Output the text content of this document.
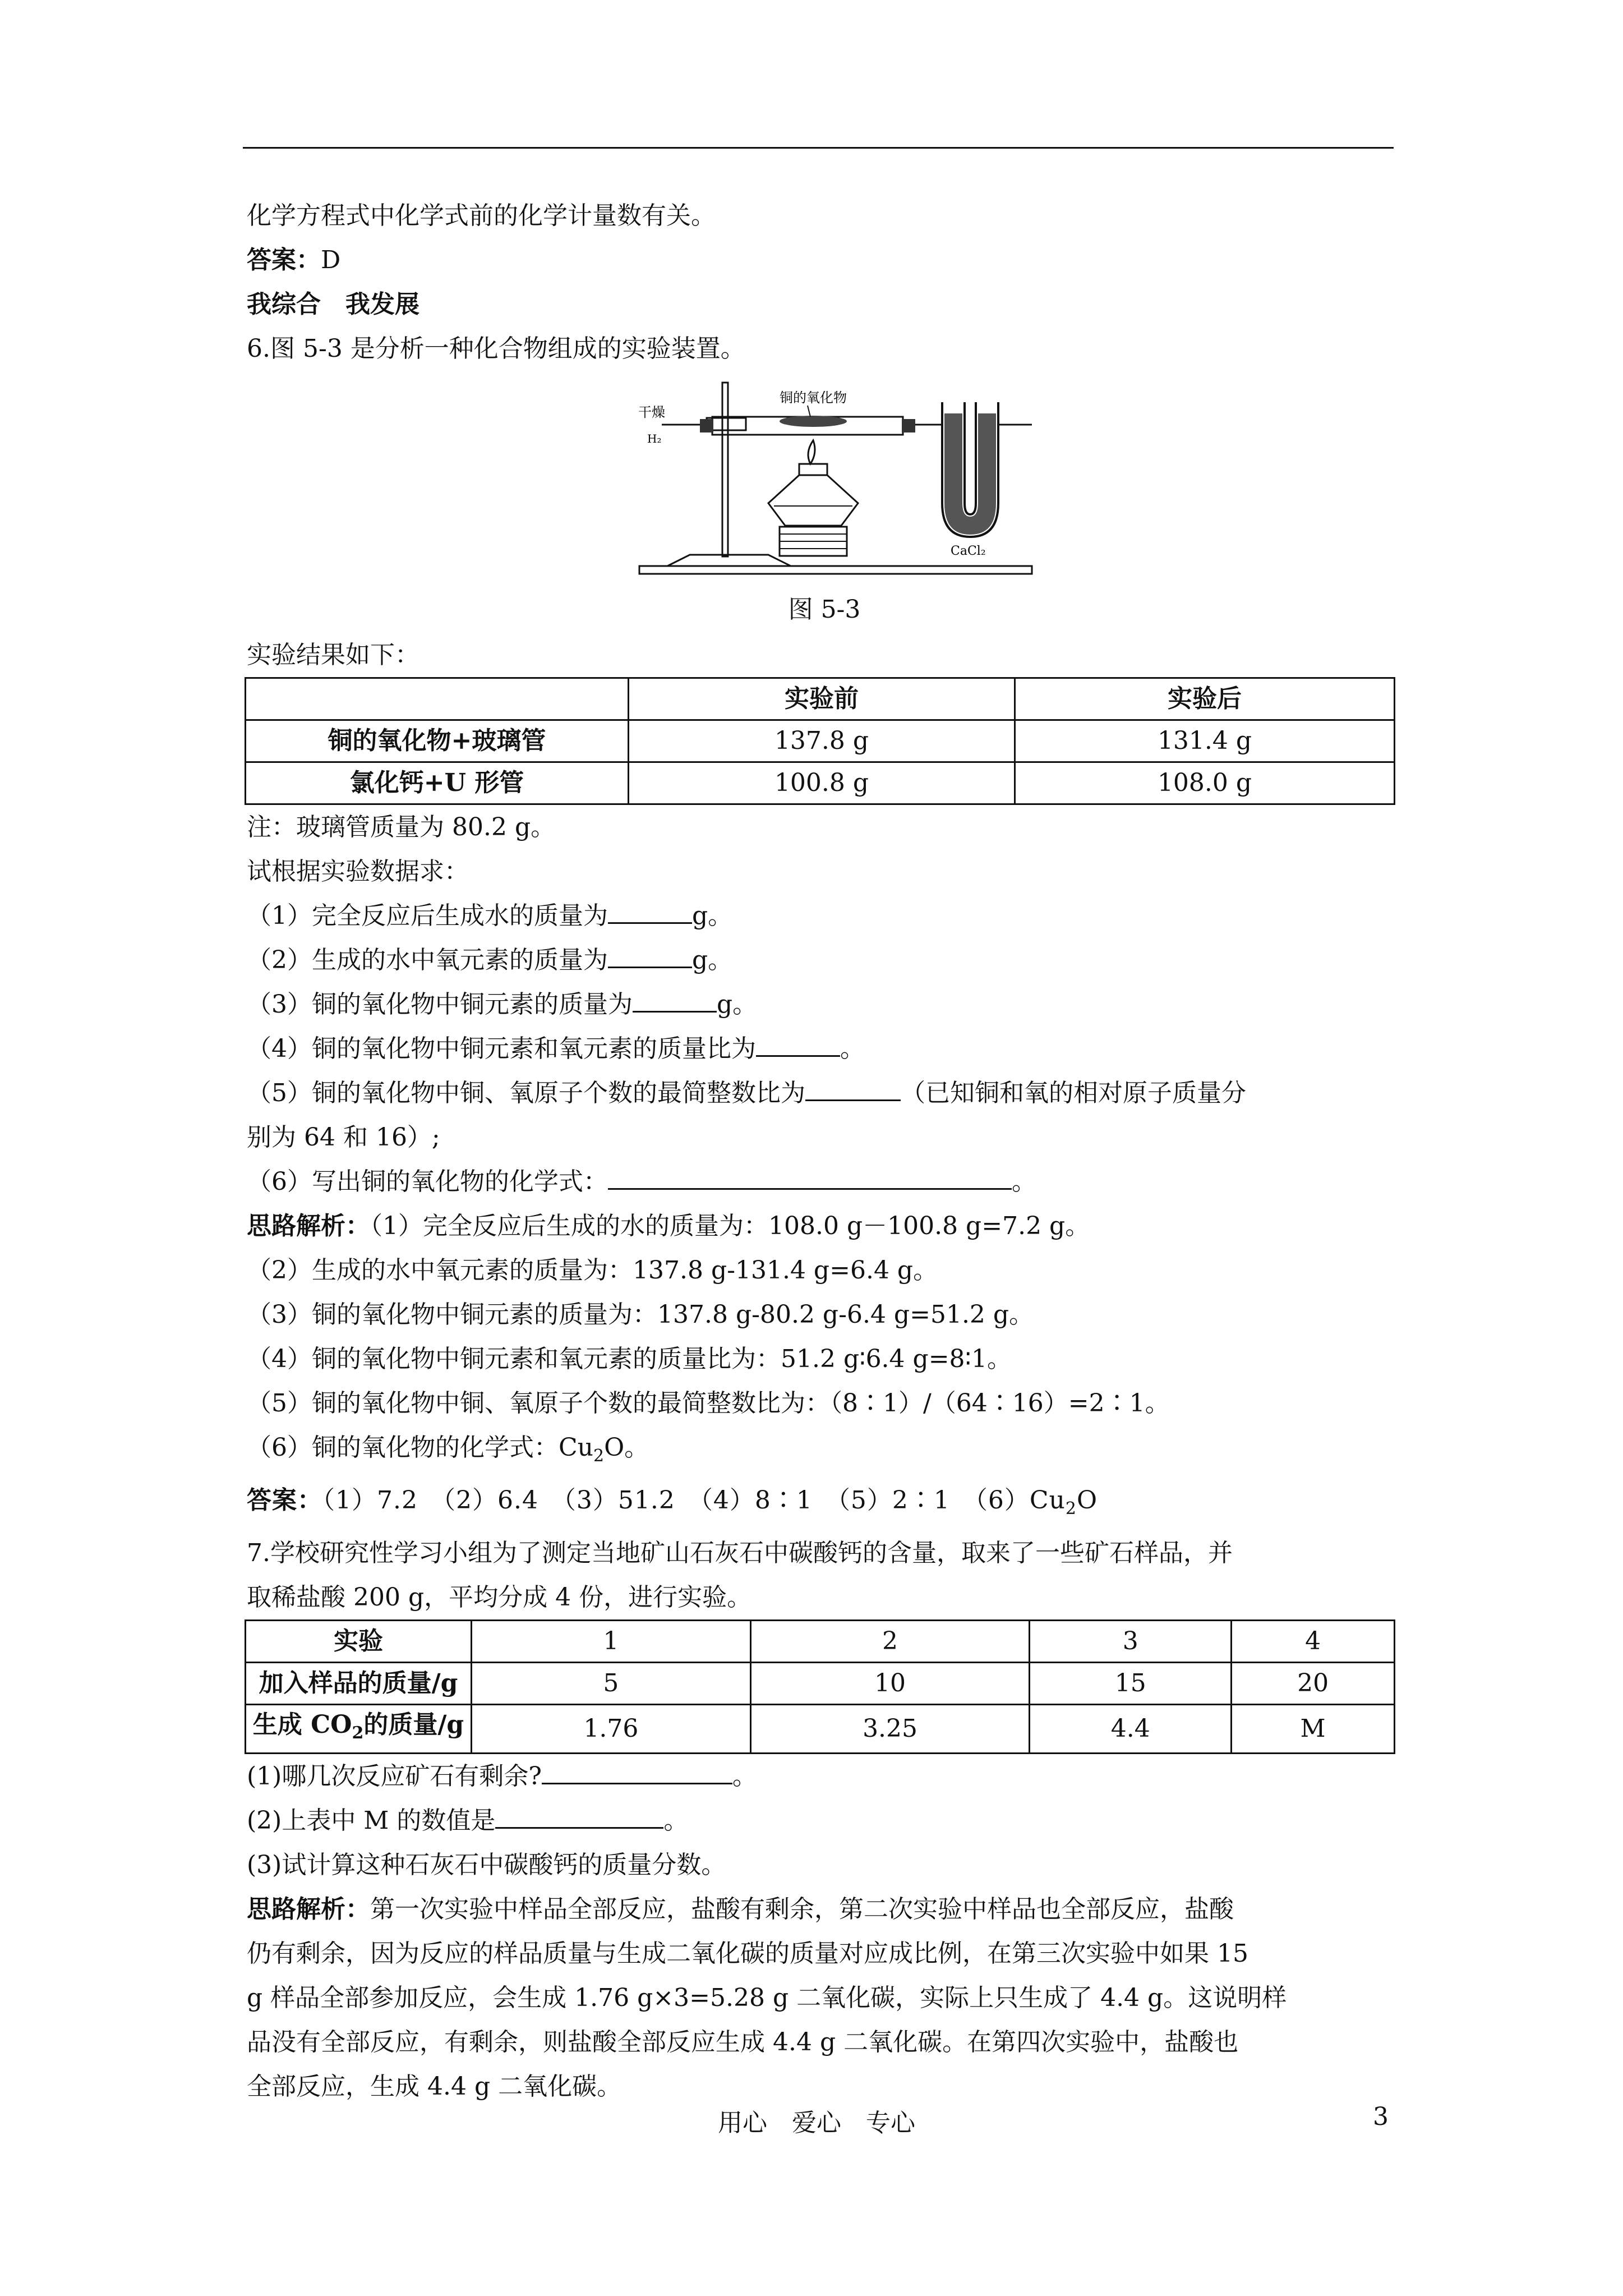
化学方程式中化学式前的化学计量数有关。

答案：D

我综合　我发展

6.图 5-3 是分析一种化合物组成的实验装置。

干燥
H₂
铜的氧化物
CaCl₂

图 5-3

实验结果如下：

	实验前	实验后
铜的氧化物+玻璃管	137.8 g	131.4 g
氯化钙+U 形管	100.8 g	108.0 g

注：玻璃管质量为 80.2 g。

试根据实验数据求：

（1）完全反应后生成水的质量为	g。

（2）生成的水中氧元素的质量为	g。

（3）铜的氧化物中铜元素的质量为	g。

（4）铜的氧化物中铜元素和氧元素的质量比为	。

（5）铜的氧化物中铜、氧原子个数的最简整数比为	（已知铜和氧的相对原子质量分

别为 64 和 16）;

（6）写出铜的氧化物的化学式：	。

思路解析：（1）完全反应后生成的水的质量为：108.0 g－100.8 g=7.2 g。

（2）生成的水中氧元素的质量为：137.8 g-131.4 g=6.4 g。

（3）铜的氧化物中铜元素的质量为：137.8 g-80.2 g-6.4 g=51.2 g。

（4）铜的氧化物中铜元素和氧元素的质量比为：51.2 g∶6.4 g=8∶1。

（5）铜的氧化物中铜、氧原子个数的最简整数比为：（8∶1）/（64∶16）=2∶1。

（6）铜的氧化物的化学式：$Cu_2O$。

答案：（1）7.2　（2）6.4　（3）51.2　（4）8∶1　（5）2∶1　$(6)Cu_2O$

7.学校研究性学习小组为了测定当地矿山石灰石中碳酸钙的含量，取来了一些矿石样品，并

取稀盐酸 200 g，平均分成 4 份，进行实验。

实验	1	2	3	4
加入样品的质量/g	5	10	15	20
生成 $CO_2$的质量/g	1.76	3.25	4.4	M

(1)哪几次反应矿石有剩余?	。

(2)上表中 M 的数值是	。

(3)试计算这种石灰石中碳酸钙的质量分数。

思路解析：第一次实验中样品全部反应，盐酸有剩余，第二次实验中样品也全部反应，盐酸

仍有剩余，因为反应的样品质量与生成二氧化碳的质量对应成比例，在第三次实验中如果 15

g 样品全部参加反应，会生成 1.76 g×3=5.28 g 二氧化碳，实际上只生成了 4.4 g。这说明样

品没有全部反应，有剩余，则盐酸全部反应生成 4.4 g 二氧化碳。在第四次实验中，盐酸也

全部反应，生成 4.4 g 二氧化碳。

用心　爱心　专心	3
